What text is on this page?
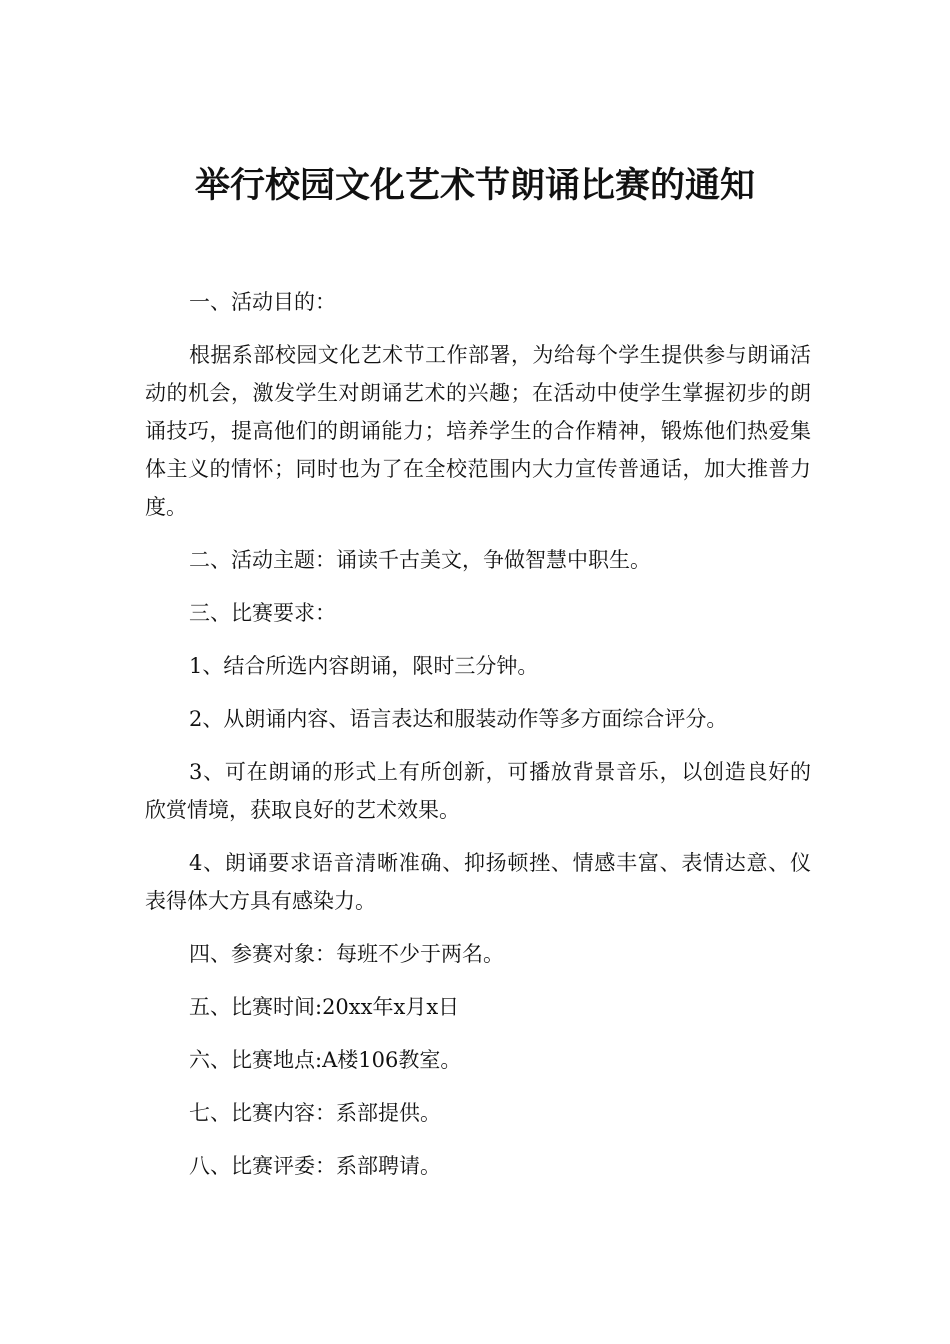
举行校园文化艺术节朗诵比赛的通知

一、活动目的：

根据系部校园文化艺术节工作部署，为给每个学生提供参与朗诵活动的机会，激发学生对朗诵艺术的兴趣；在活动中使学生掌握初步的朗诵技巧，提高他们的朗诵能力；培养学生的合作精神，锻炼他们热爱集体主义的情怀；同时也为了在全校范围内大力宣传普通话，加大推普力度。

二、活动主题：诵读千古美文，争做智慧中职生。

三、比赛要求：

1、结合所选内容朗诵，限时三分钟。

2、从朗诵内容、语言表达和服装动作等多方面综合评分。

3、可在朗诵的形式上有所创新，可播放背景音乐，以创造良好的欣赏情境，获取良好的艺术效果。

4、朗诵要求语音清晰准确、抑扬顿挫、情感丰富、表情达意、仪表得体大方具有感染力。

四、参赛对象：每班不少于两名。

五、比赛时间:20xx年x月x日

六、比赛地点:A楼106教室。

七、比赛内容：系部提供。

八、比赛评委：系部聘请。
